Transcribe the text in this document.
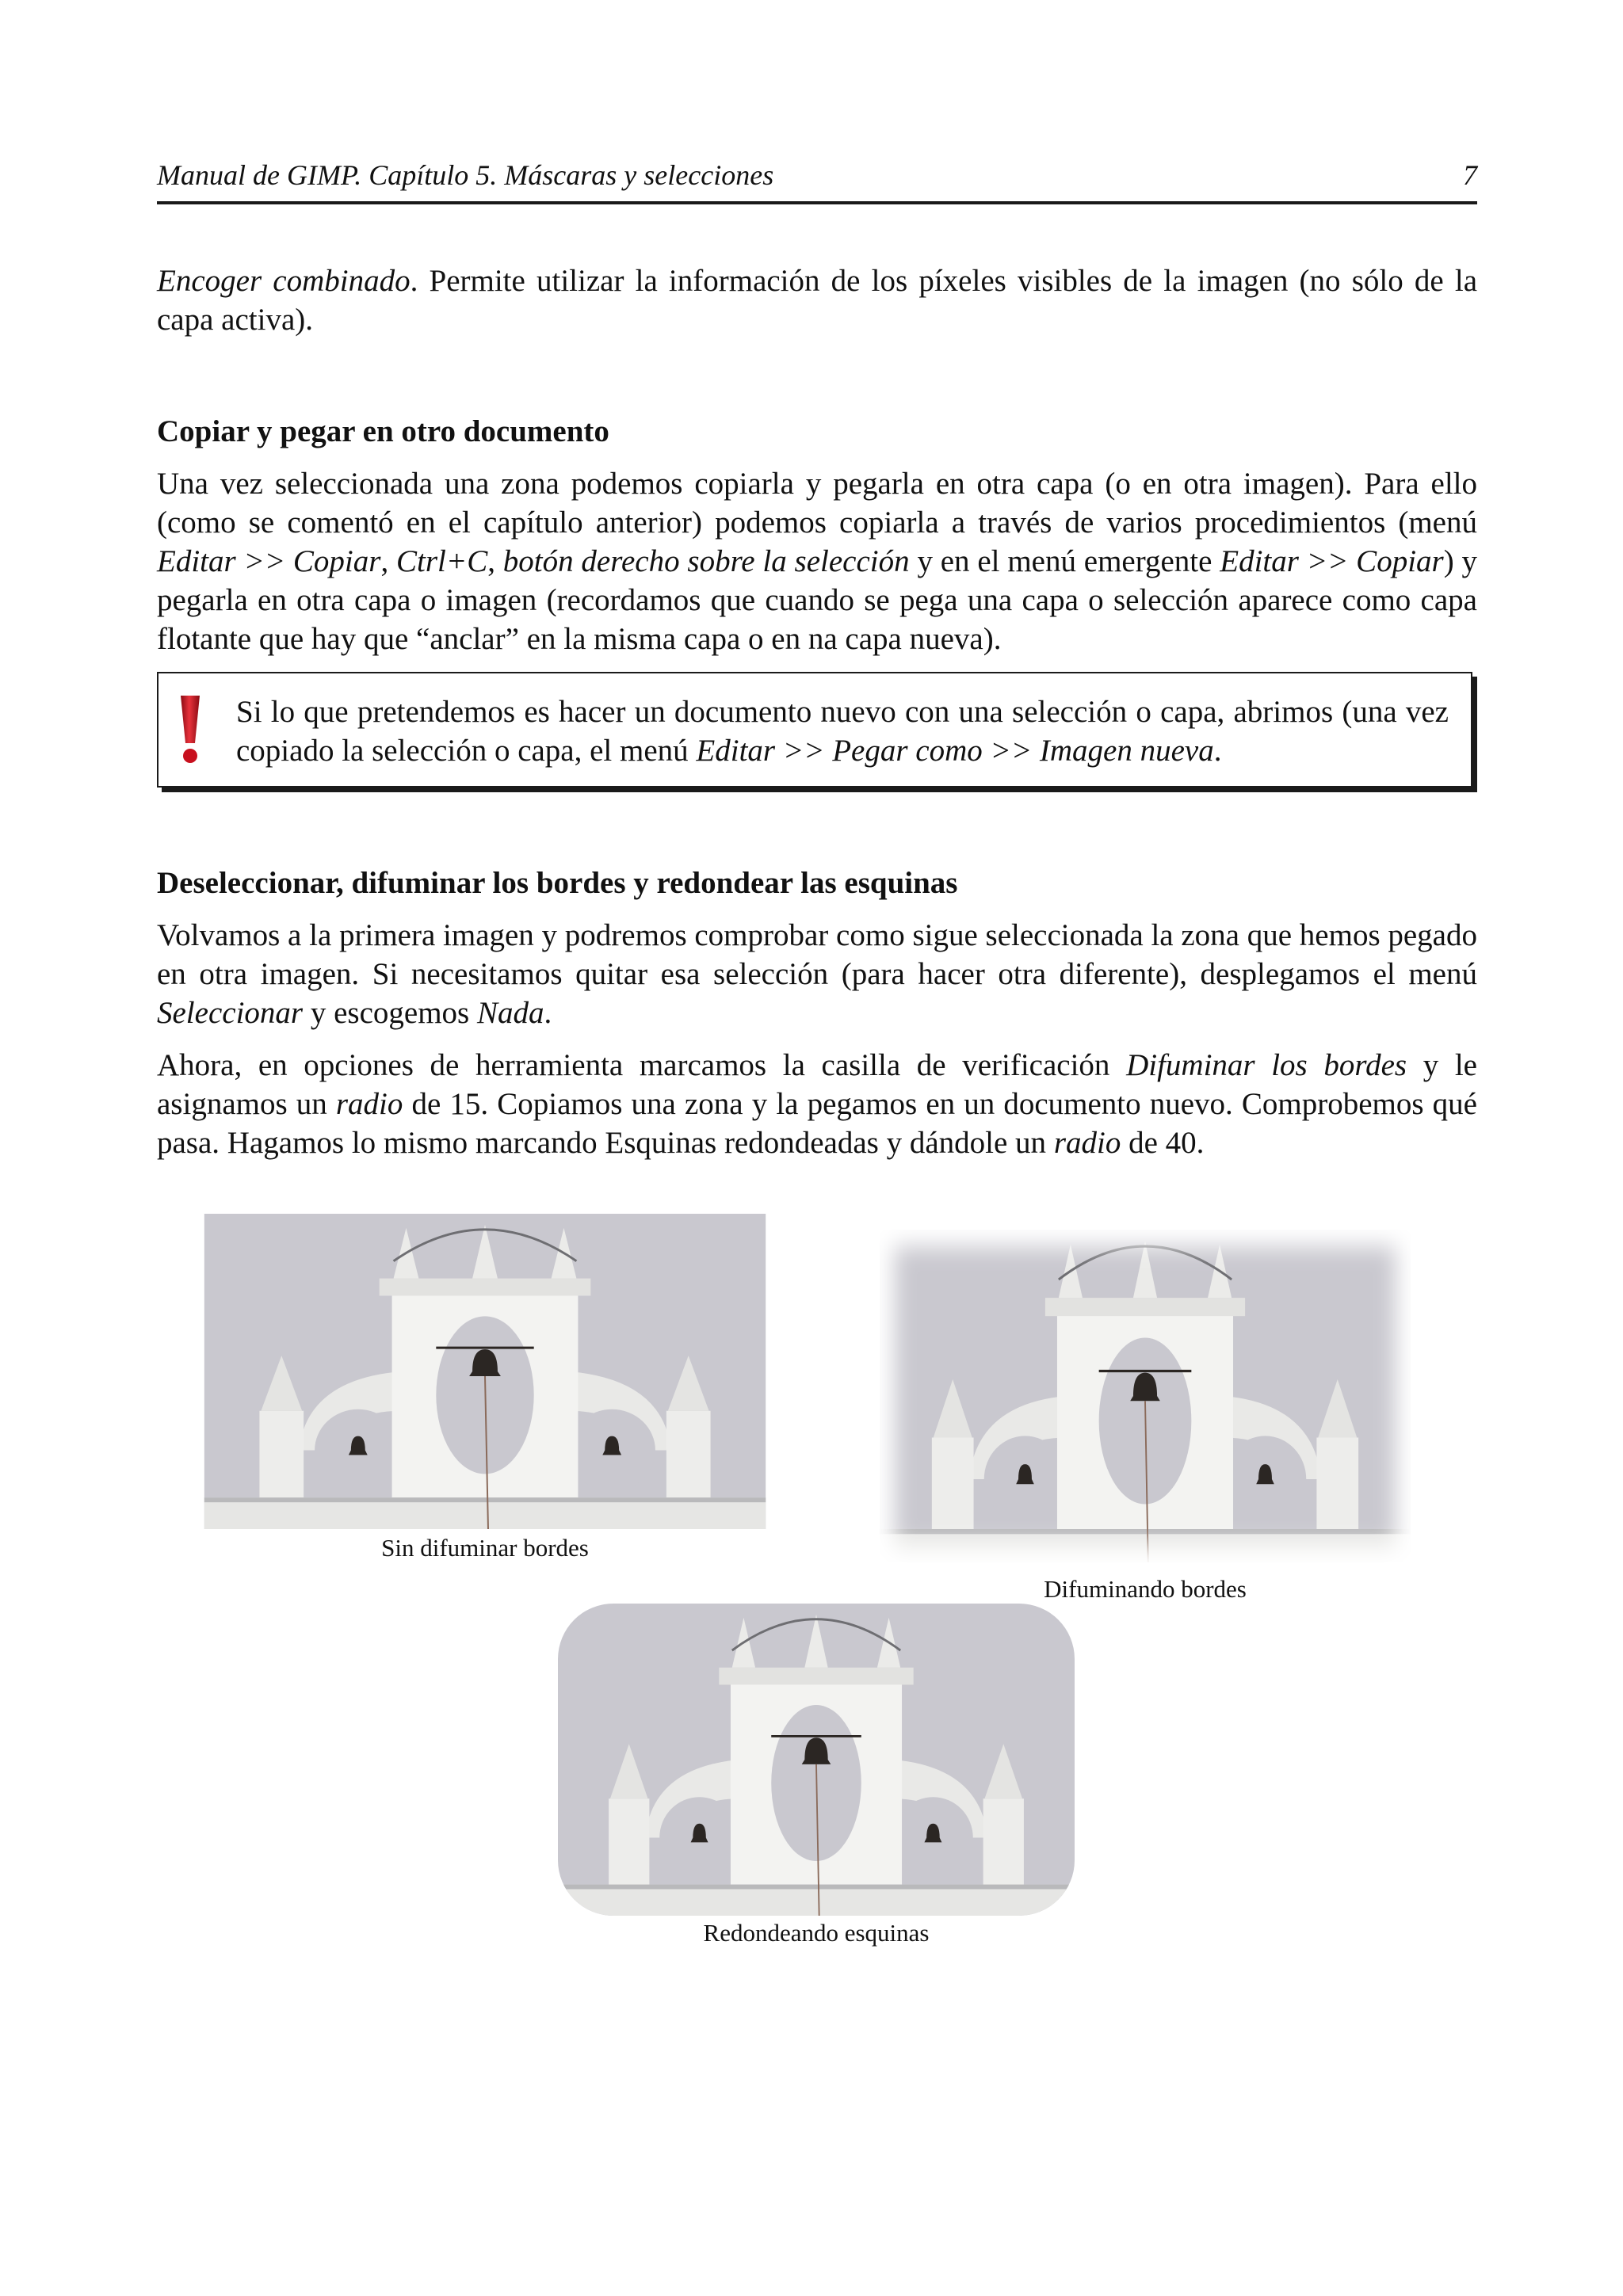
Manual de GIMP. Capítulo 5. Máscaras y selecciones	7

Encoger combinado. Permite utilizar la información de los píxeles visibles de la imagen (no sólo de la capa activa).

Copiar y pegar en otro documento

Una vez seleccionada una zona podemos copiarla y pegarla en otra capa (o en otra imagen). Para ello (como se comentó en el capítulo anterior) podemos copiarla a través de varios procedimientos (menú Editar >> Copiar, Ctrl+C, botón derecho sobre la selección y en el menú emergente Editar >> Copiar) y pegarla en otra capa o imagen (recordamos que cuando se pega una capa o selección aparece como capa flotante que hay que “anclar” en la misma capa o en na capa nueva).

Si lo que pretendemos es hacer un documento nuevo con una selección o capa, abrimos (una vez copiado la selección o capa, el menú Editar >> Pegar como >> Imagen nueva.

Deseleccionar, difuminar los bordes y redondear las esquinas

Volvamos a la primera imagen y podremos comprobar como sigue seleccionada la zona que hemos pegado en otra imagen. Si necesitamos quitar esa selección (para hacer otra diferente), desplegamos el menú Seleccionar y escogemos Nada.

Ahora, en opciones de herramienta marcamos la casilla de verificación Difuminar los bordes y le asignamos un radio de 15. Copiamos una zona y la pegamos en un documento nuevo. Comprobemos qué pasa. Hagamos lo mismo marcando Esquinas redondeadas y dándole un radio de 40.

Sin difuminar bordes
Difuminando bordes
Redondeando esquinas
